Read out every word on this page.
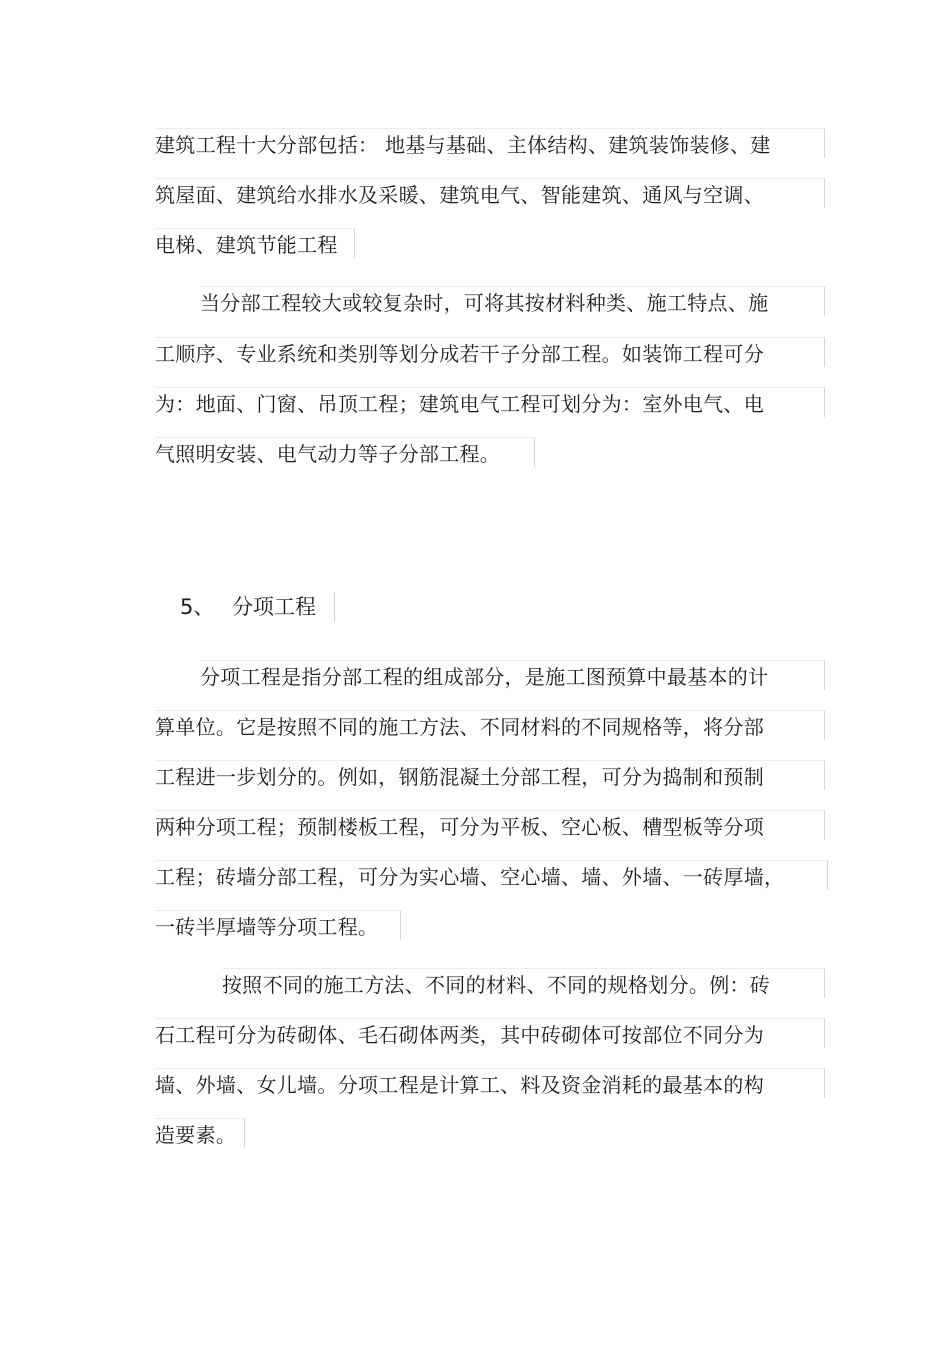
建筑工程十大分部包括： 地基与基础、主体结构、建筑装饰装修、建
筑屋面、建筑给水排水及采暖、建筑电气、智能建筑、通风与空调、
电梯、建筑节能工程
当分部工程较大或较复杂时，可将其按材料种类、施工特点、施
工顺序、专业系统和类别等划分成若干子分部工程。如装饰工程可分
为：地面、门窗、吊顶工程；建筑电气工程可划分为：室外电气、电
气照明安装、电气动力等子分部工程。
5、 分项工程
分项工程是指分部工程的组成部分，是施工图预算中最基本的计
算单位。它是按照不同的施工方法、不同材料的不同规格等，将分部
工程进一步划分的。例如，钢筋混凝土分部工程，可分为捣制和预制
两种分项工程；预制楼板工程，可分为平板、空心板、槽型板等分项
工程；砖墙分部工程，可分为实心墙、空心墙、墙、外墙、一砖厚墙，
一砖半厚墙等分项工程。
按照不同的施工方法、不同的材料、不同的规格划分。例：砖
石工程可分为砖砌体、毛石砌体两类，其中砖砌体可按部位不同分为
墙、外墙、女儿墙。分项工程是计算工、料及资金消耗的最基本的构
造要素。
